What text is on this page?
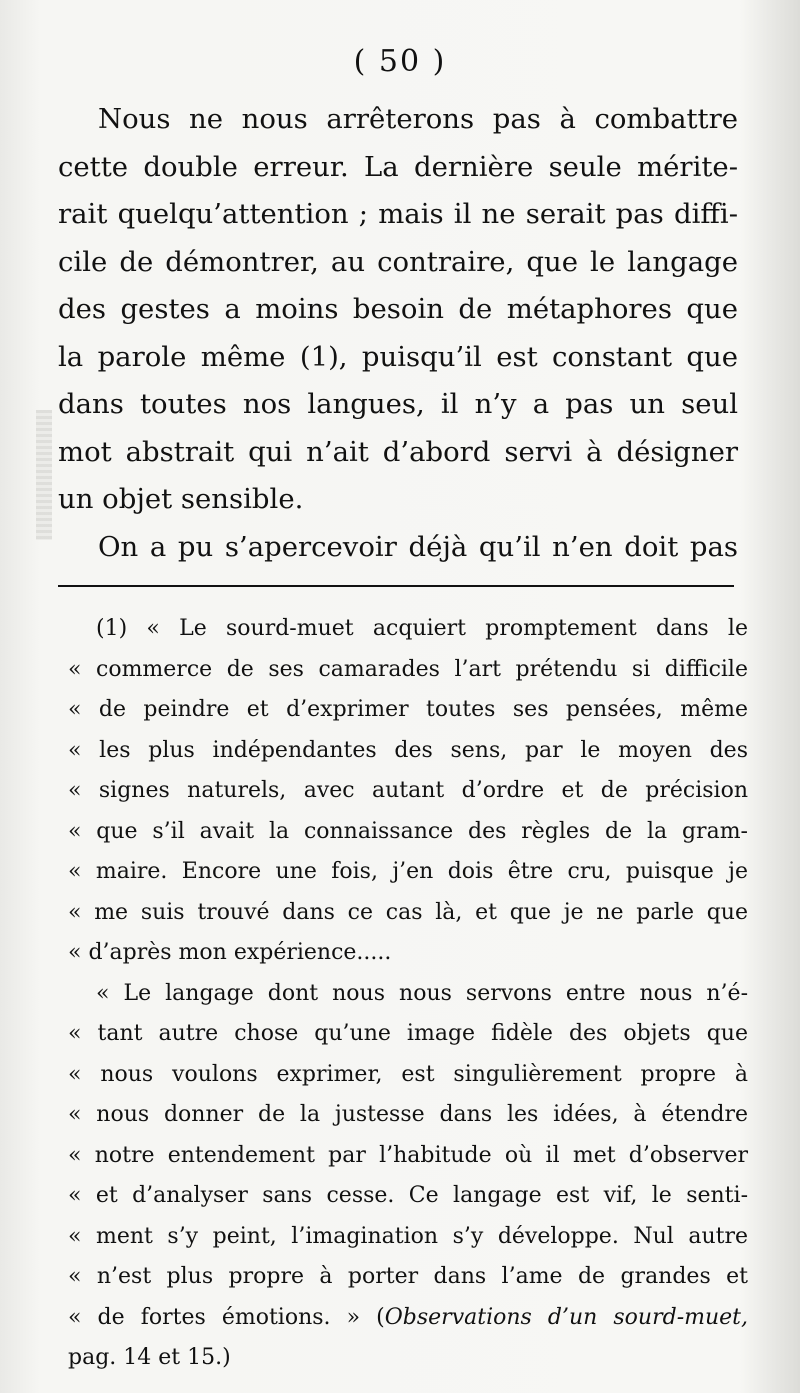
( 50 )
Nous ne nous arrêterons pas à combattre
cette double erreur. La dernière seule mérite-
rait quelqu’attention ; mais il ne serait pas diffi-
cile de démontrer, au contraire, que le langage
des gestes a moins besoin de métaphores que
la parole même (1), puisqu’il est constant que
dans toutes nos langues, il n’y a pas un seul
mot abstrait qui n’ait d’abord servi à désigner
un objet sensible.
On a pu s’apercevoir déjà qu’il n’en doit pas
(1) « Le sourd-muet acquiert promptement dans le
« commerce de ses camarades l’art prétendu si difficile
« de peindre et d’exprimer toutes ses pensées, même
« les plus indépendantes des sens, par le moyen des
« signes naturels, avec autant d’ordre et de précision
« que s’il avait la connaissance des règles de la gram-
« maire. Encore une fois, j’en dois être cru, puisque je
« me suis trouvé dans ce cas là, et que je ne parle que
« d’après mon expérience.....
« Le langage dont nous nous servons entre nous n’é-
« tant autre chose qu’une image fidèle des objets que
« nous voulons exprimer, est singulièrement propre à
« nous donner de la justesse dans les idées, à étendre
« notre entendement par l’habitude où il met d’observer
« et d’analyser sans cesse. Ce langage est vif, le senti-
« ment s’y peint, l’imagination s’y développe. Nul autre
« n’est plus propre à porter dans l’ame de grandes et
« de fortes émotions. » (Observations d’un sourd-muet,
pag. 14 et 15.)
